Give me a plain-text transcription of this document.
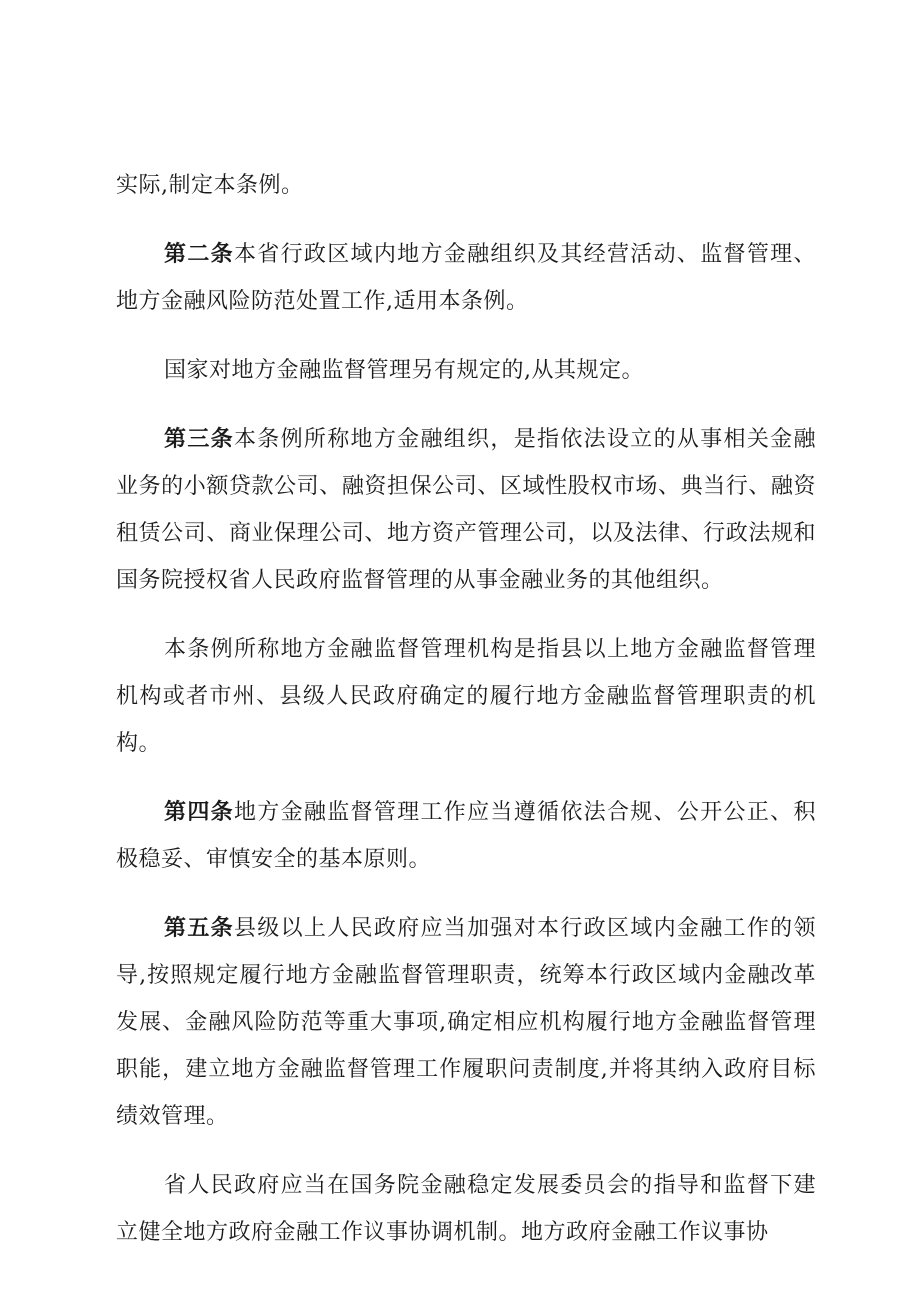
实际,制定本条例。

第二条本省行政区域内地方金融组织及其经营活动、监督管理、地方金融风险防范处置工作,适用本条例。

国家对地方金融监督管理另有规定的,从其规定。

第三条本条例所称地方金融组织，是指依法设立的从事相关金融业务的小额贷款公司、融资担保公司、区域性股权市场、典当行、融资租赁公司、商业保理公司、地方资产管理公司，以及法律、行政法规和国务院授权省人民政府监督管理的从事金融业务的其他组织。

本条例所称地方金融监督管理机构是指县以上地方金融监督管理机构或者市州、县级人民政府确定的履行地方金融监督管理职责的机构。

第四条地方金融监督管理工作应当遵循依法合规、公开公正、积极稳妥、审慎安全的基本原则。

第五条县级以上人民政府应当加强对本行政区域内金融工作的领导,按照规定履行地方金融监督管理职责，统筹本行政区域内金融改革发展、金融风险防范等重大事项,确定相应机构履行地方金融监督管理职能，建立地方金融监督管理工作履职问责制度,并将其纳入政府目标绩效管理。

省人民政府应当在国务院金融稳定发展委员会的指导和监督下建立健全地方政府金融工作议事协调机制。地方政府金融工作议事协
